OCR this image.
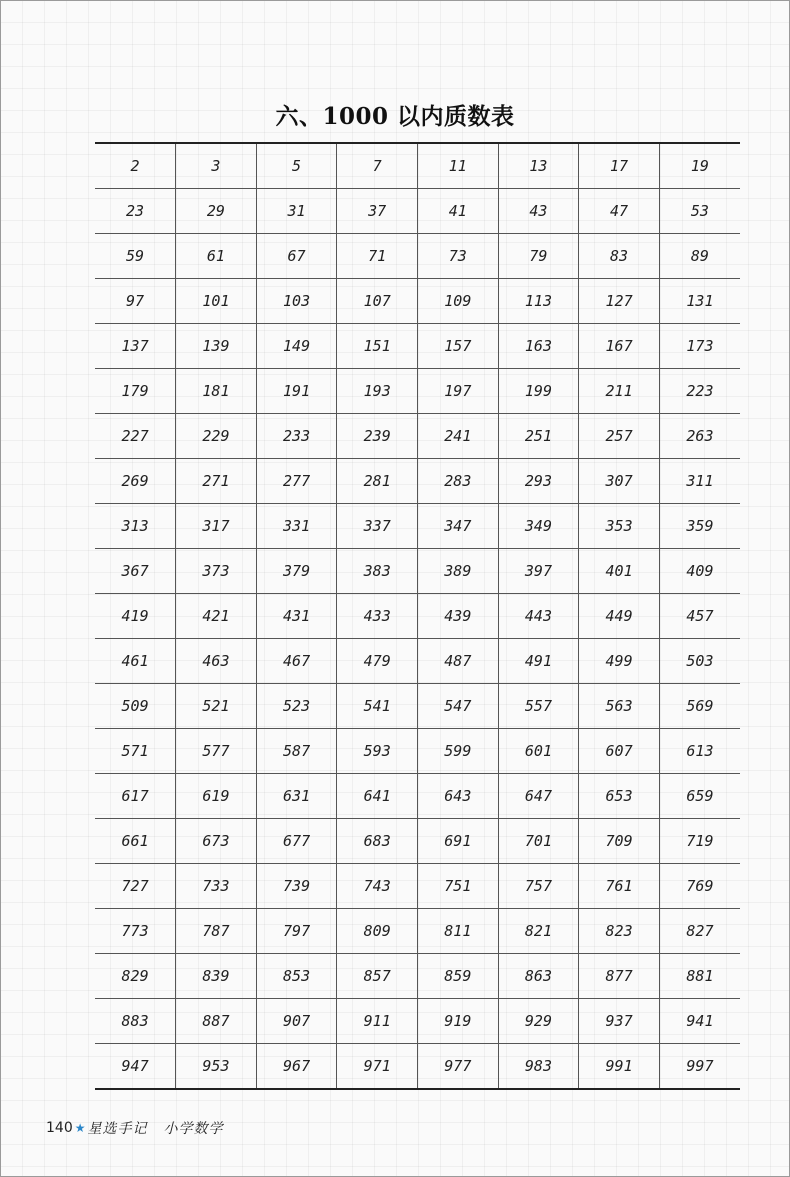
六、1000 以内质数表
2	3	5	7	11	13	17	19
23	29	31	37	41	43	47	53
59	61	67	71	73	79	83	89
97	101	103	107	109	113	127	131
137	139	149	151	157	163	167	173
179	181	191	193	197	199	211	223
227	229	233	239	241	251	257	263
269	271	277	281	283	293	307	311
313	317	331	337	347	349	353	359
367	373	379	383	389	397	401	409
419	421	431	433	439	443	449	457
461	463	467	479	487	491	499	503
509	521	523	541	547	557	563	569
571	577	587	593	599	601	607	613
617	619	631	641	643	647	653	659
661	673	677	683	691	701	709	719
727	733	739	743	751	757	761	769
773	787	797	809	811	821	823	827
829	839	853	857	859	863	877	881
883	887	907	911	919	929	937	941
947	953	967	971	977	983	991	997
140 ★ 星选手记 小学数学
